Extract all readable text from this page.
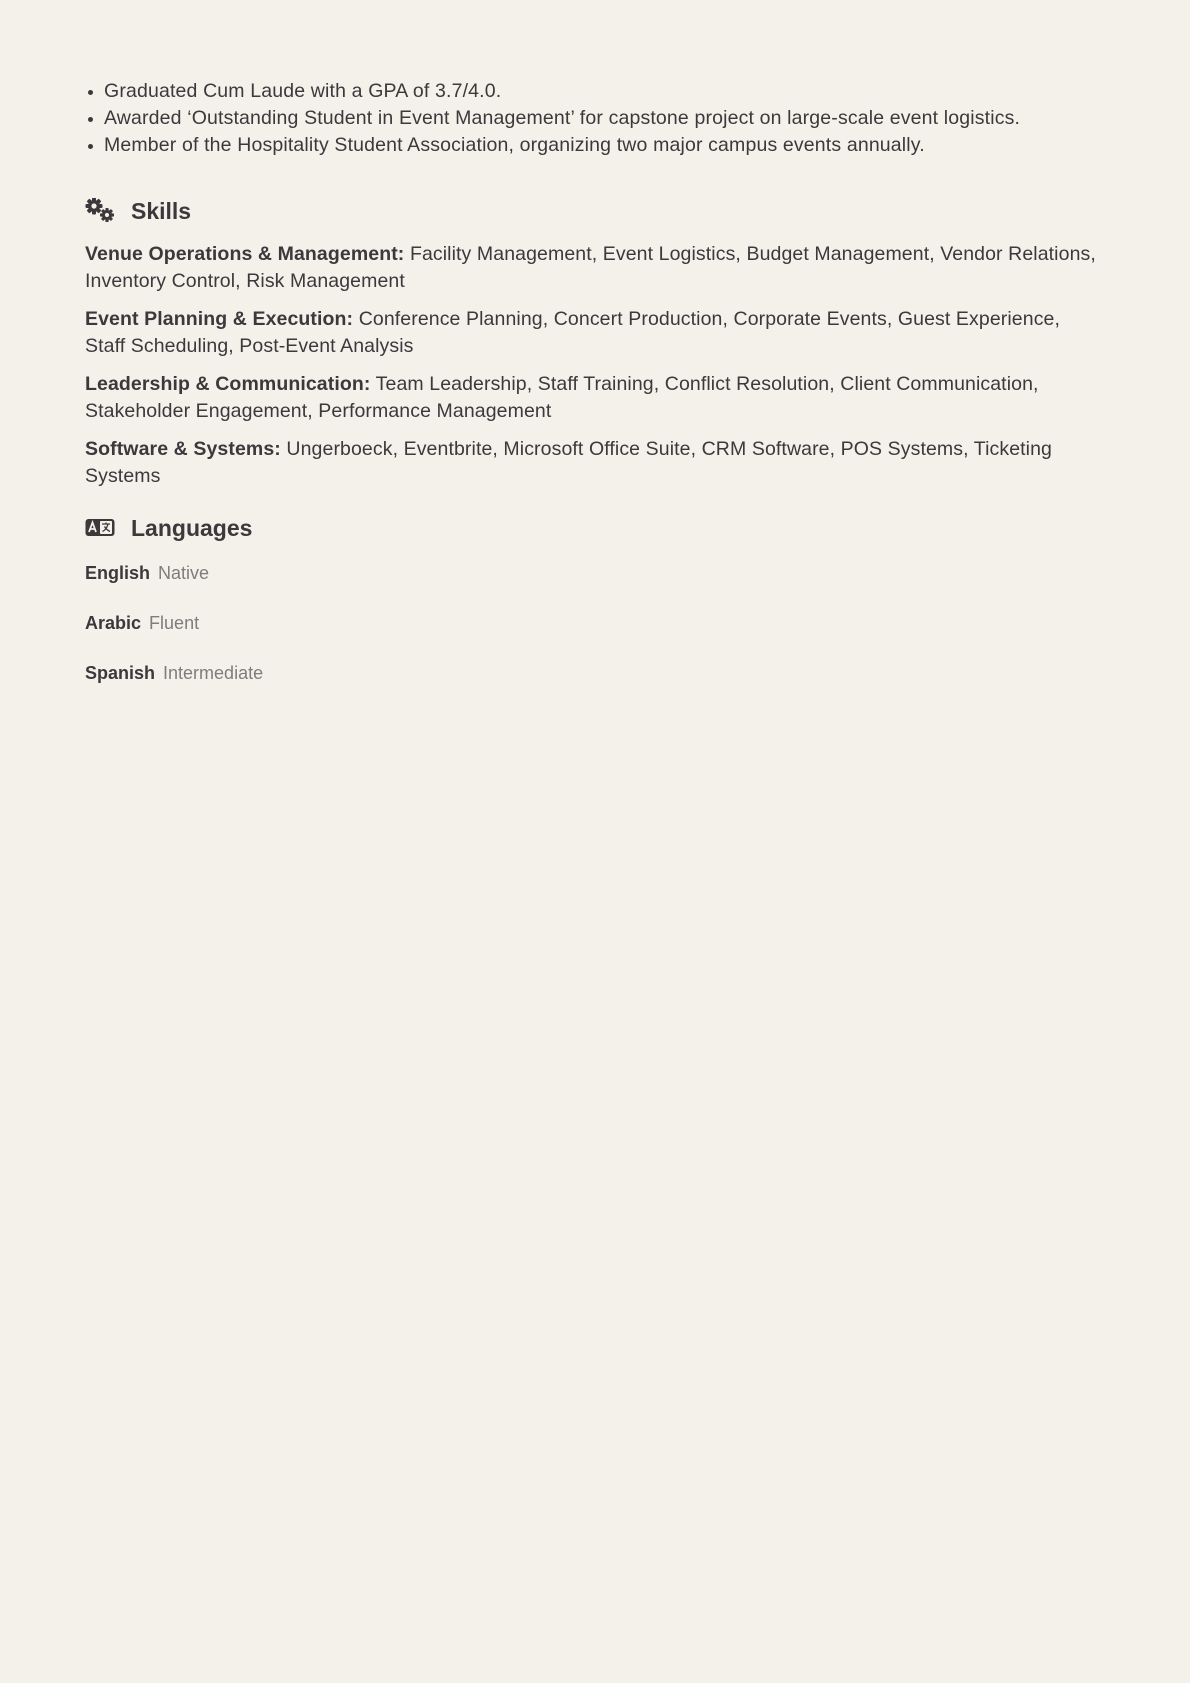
Graduated Cum Laude with a GPA of 3.7/4.0.
Awarded ‘Outstanding Student in Event Management’ for capstone project on large-scale event logistics.
Member of the Hospitality Student Association, organizing two major campus events annually.
Skills
Venue Operations & Management: Facility Management, Event Logistics, Budget Management, Vendor Relations, Inventory Control, Risk Management
Event Planning & Execution: Conference Planning, Concert Production, Corporate Events, Guest Experience, Staff Scheduling, Post-Event Analysis
Leadership & Communication: Team Leadership, Staff Training, Conflict Resolution, Client Communication, Stakeholder Engagement, Performance Management
Software & Systems: Ungerboeck, Eventbrite, Microsoft Office Suite, CRM Software, POS Systems, Ticketing Systems
Languages
English Native
Arabic Fluent
Spanish Intermediate
